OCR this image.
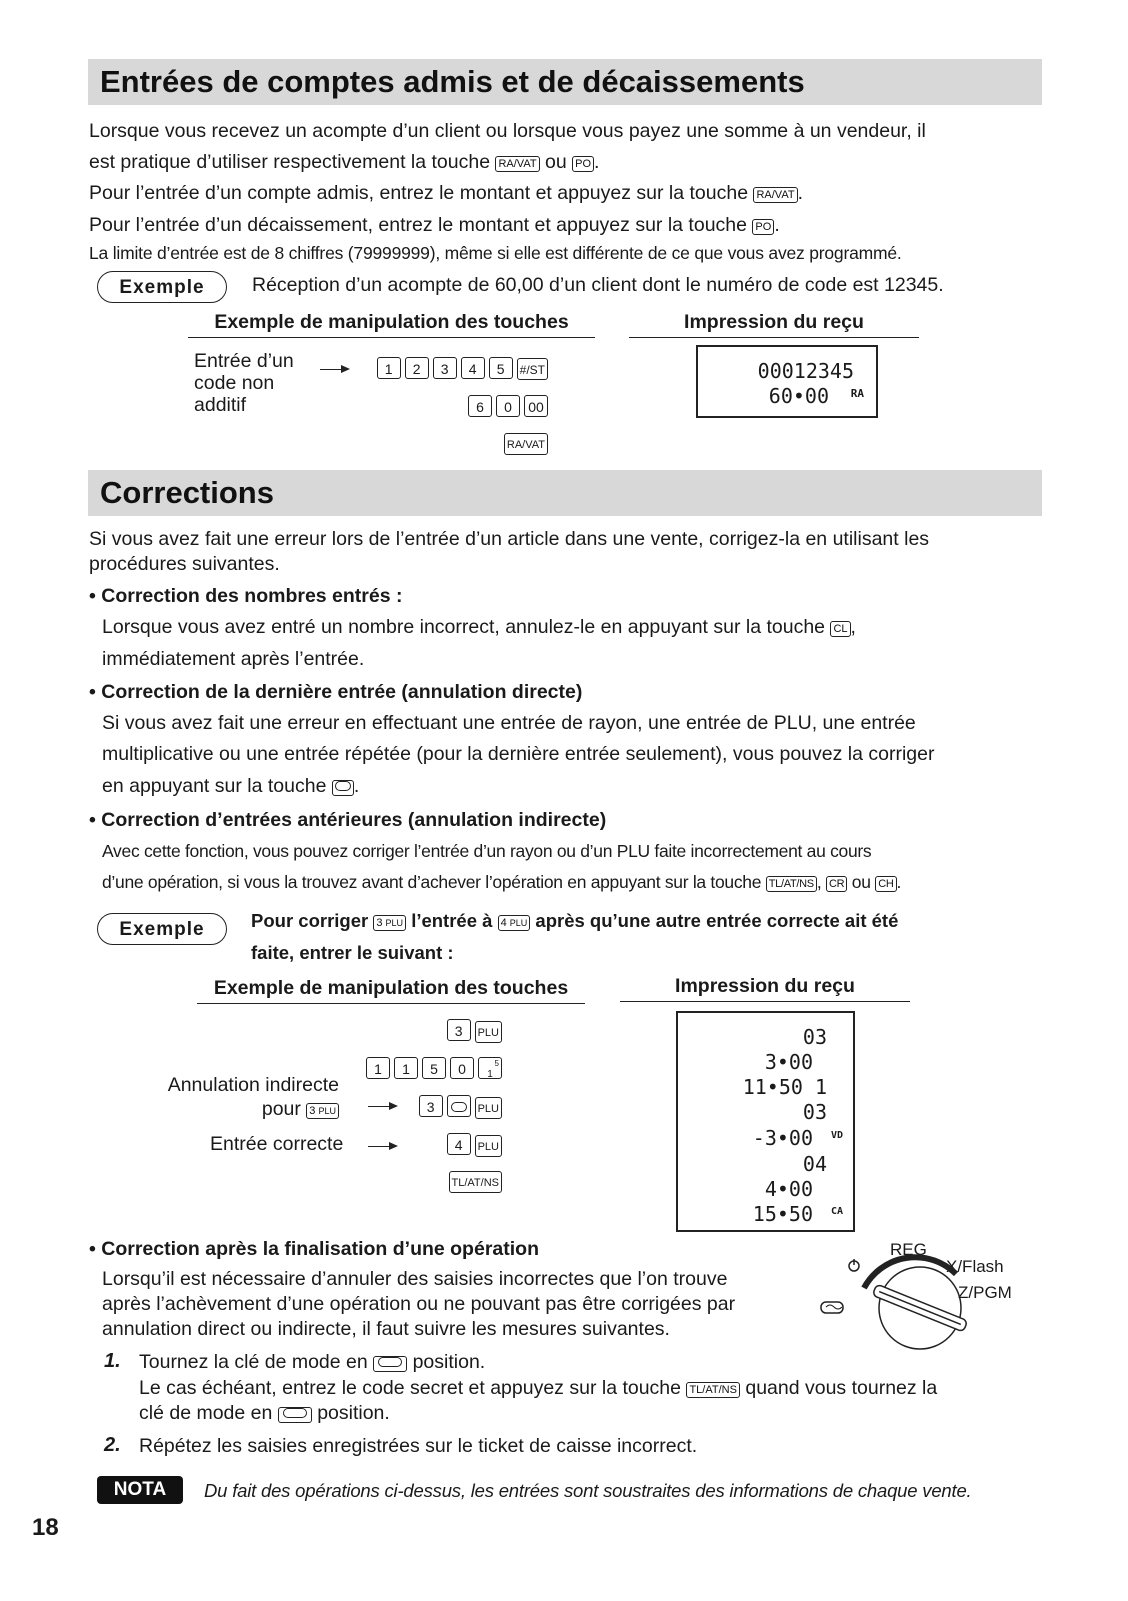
Entrées de comptes admis et de décaissements
Lorsque vous recevez un acompte d’un client ou lorsque vous payez une somme à un vendeur, il
est pratique d’utiliser respectivement la touche RA/VAT ou PO .
Pour l’entrée d’un compte admis, entrez le montant et appuyez sur la touche RA/VAT .
Pour l’entrée d’un décaissement, entrez le montant et appuyez sur la touche PO .
La limite d’entrée est de 8 chiffres (79999999), même si elle est différente de ce que vous avez programmé.
Exemple	Réception d’un acompte de 60,00 d’un client dont le numéro de code est 12345.
Exemple de manipulation des touches	Impression du reçu
Entrée d’un
code non
additif
1 2 3 4 5 #/ST
6 0 00
RA/VAT
00012345
60•00 RA
Corrections
Si vous avez fait une erreur lors de l’entrée d’un article dans une vente, corrigez-la en utilisant les
procédures suivantes.
• Correction des nombres entrés :
Lorsque vous avez entré un nombre incorrect, annulez-le en appuyant sur la touche CL ,
immédiatement après l’entrée.
• Correction de la dernière entrée (annulation directe)
Si vous avez fait une erreur en effectuant une entrée de rayon, une entrée de PLU, une entrée
multiplicative ou une entrée répétée (pour la dernière entrée seulement), vous pouvez la corriger
en appuyant sur la touche .
• Correction d’entrées antérieures (annulation indirecte)
Avec cette fonction, vous pouvez corriger l’entrée d’un rayon ou d’un PLU faite incorrectement au cours
d’une opération, si vous la trouvez avant d’achever l’opération en appuyant sur la touche TL/AT/NS , CR ou CH .
Exemple	Pour corriger 3 PLU l’entrée à 4 PLU après qu’une autre entrée correcte ait été
faite, entrer le suivant :
Exemple de manipulation des touches	Impression du reçu
3 PLU
1 1 5 0 $_1$
5
Annulation indirecte
pour 3 PLU	3	PLU
Entrée correcte	4 PLU
TL/AT/NS
03
3•00
11•50 1
03
-3•00 VD
04
4•00
15•50 CA
• Correction après la finalisation d’une opération
Lorsqu’il est nécessaire d’annuler des saisies incorrectes que l’on trouve
après l’achèvement d’une opération ou ne pouvant pas être corrigées par
annulation direct ou indirecte, il faut suivre les mesures suivantes.
REG
X/Flash
Z/PGM
1. Tournez la clé de mode en position.
Le cas échéant, entrez le code secret et appuyez sur la touche TL/AT/NS quand vous tournez la
clé de mode en position.
2. Répétez les saisies enregistrées sur le ticket de caisse incorrect.
NOTA	Du fait des opérations ci-dessus, les entrées sont soustraites des informations de chaque vente.
18
